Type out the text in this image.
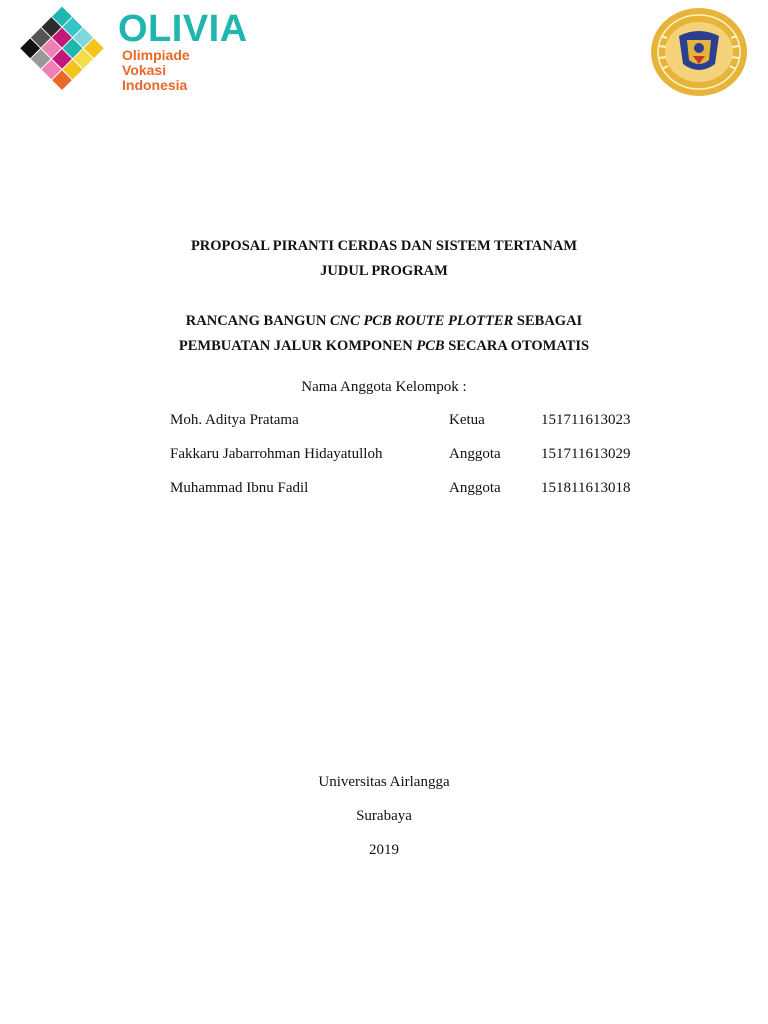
OLIVIA
Olimpiade
Vokasi
Indonesia
PROPOSAL PIRANTI CERDAS DAN SISTEM TERTANAM
JUDUL PROGRAM
RANCANG BANGUN CNC PCB ROUTE PLOTTER SEBAGAI
PEMBUATAN JALUR KOMPONEN PCB SECARA OTOMATIS
Nama Anggota Kelompok :
Moh. Aditya Pratama	Ketua	151711613023
Fakkaru Jabarrohman Hidayatulloh	Anggota	151711613029
Muhammad Ibnu Fadil	Anggota	151811613018
Universitas Airlangga
Surabaya
2019
